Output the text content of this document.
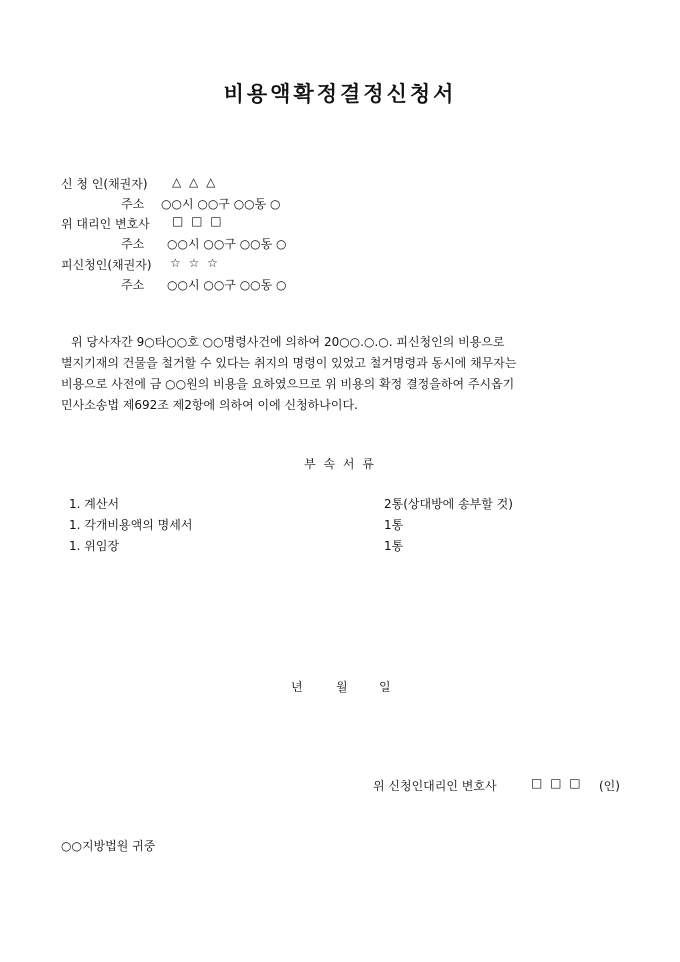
비용액확정결정신청서
신 청 인(채권자) △ △ △
주소 ○○시 ○○구 ○○동 ○
위 대리인 변호사 □ □ □
주소 ○○시 ○○구 ○○동 ○
피신청인(채권자) ☆ ☆ ☆
주소 ○○시 ○○구 ○○동 ○
위 당사자간 9○타○○호 ○○명령사건에 의하여 20○○.○.○. 피신청인의 비용으로
별지기재의 건물을 철거할 수 있다는 취지의 명령이 있었고 철거명령과 동시에 채무자는
비용으로 사전에 금 ○○원의 비용을 요하였으므로 위 비용의 확정 결정을하여 주시옵기
민사소송법 제692조 제2항에 의하여 이에 신청하나이다.
부 속 서 류
1. 계산서	2통(상대방에 송부할 것)
1. 각개비용액의 명세서	1통
1. 위임장	1통
년	월	일
위 신청인대리인 변호사	□ □ □ (인)
○○지방법원 귀중
